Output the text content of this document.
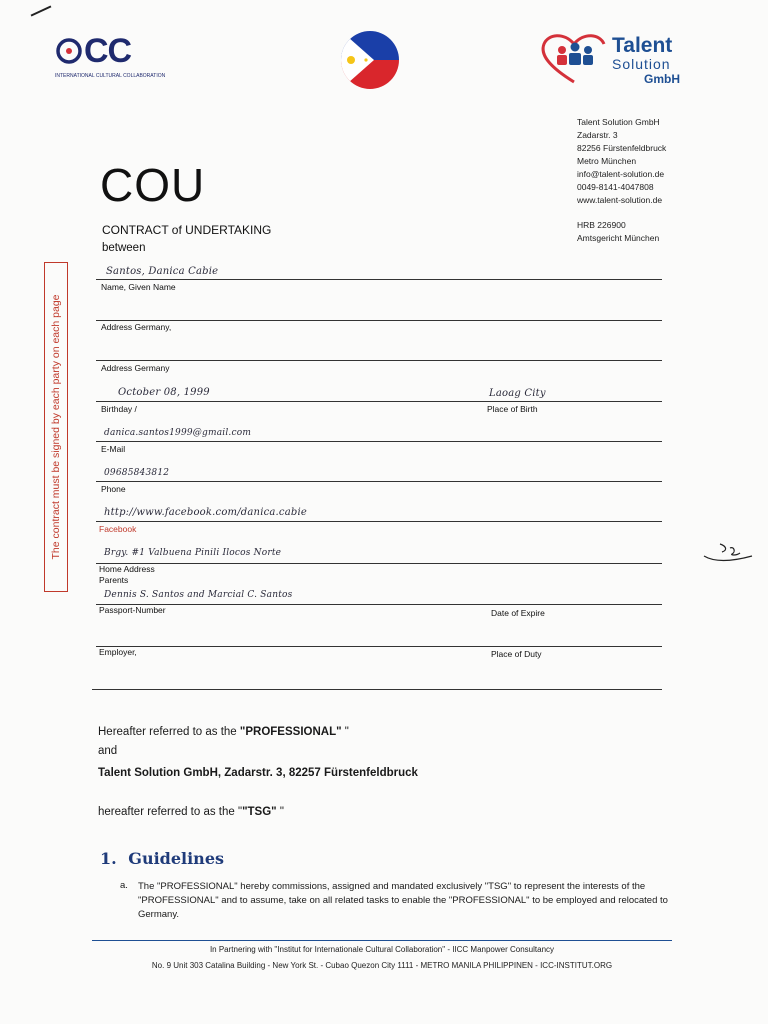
CC
INTERNATIONAL CULTURAL COLLABORATION
Talent
Solution
GmbH
Talent Solution GmbH
Zadarstr. 3
82256 Fürstenfeldbruck
Metro München
info@talent-solution.de
0049-8141-4047808
www.talent-solution.de
HRB 226900
Amtsgericht München
COU
CONTRACT of UNDERTAKING
between
The contract must be signed by each party on each page
Santos, Danica Cabie
Name, Given Name
Address Germany,
Address Germany
October 08, 1999	Laoag City
Birthday /	Place of Birth
danica.santos1999@gmail.com
E-Mail
09685843812
Phone
http://www.facebook.com/danica.cabie
Facebook
Brgy. #1 Valbuena Pinili Ilocos Norte
Home Address
Parents
Dennis S. Santos and Marcial C. Santos
Passport-Number	Date of Expire
Employer,	Place of Duty
Hereafter referred to as the "PROFESSIONAL" "
and
Talent Solution GmbH, Zadarstr. 3, 82257 Fürstenfeldbruck
hereafter referred to as the ""TSG" "
1. Guidelines
a. The "PROFESSIONAL" hereby commissions, assigned and mandated exclusively "TSG" to represent the interests of the "PROFESSIONAL" and to assume, take on all related tasks to enable the "PROFESSIONAL" to be employed and relocated to Germany.
In Partnering with "Institut for Internationale Cultural Collaboration" - IICC Manpower Consultancy
No. 9 Unit 303 Catalina Building - New York St. - Cubao Quezon City 1111 - METRO MANILA PHILIPPINEN - ICC-INSTITUT.ORG
